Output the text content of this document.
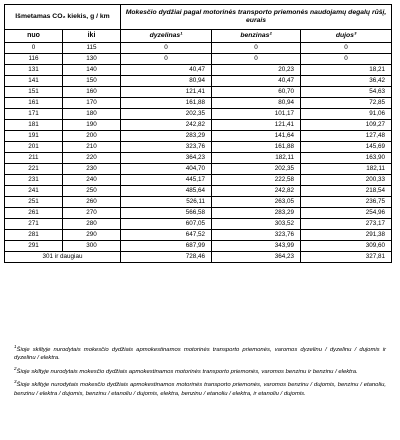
Išmetamas CO₂ kiekis, g / km		Mokesčio dydžiai pagal motorinės transporto priemonės naudojamų degalų rūšį, eurais		
nuo	iki			
		dyzelinas¹	benzinas²	dujos³
0	115	0	0	0
116	130	0	0	0
131	140	40,47	20,23	18,21
141	150	80,94	40,47	36,42
151	160	121,41	60,70	54,63
161	170	161,88	80,94	72,85
171	180	202,35	101,17	91,06
181	190	242,82	121,41	109,27
191	200	283,29	141,64	127,48
201	210	323,76	161,88	145,69
211	220	364,23	182,11	163,90
221	230	404,70	202,35	182,11
231	240	445,17	222,58	200,33
241	250	485,64	242,82	218,54
251	260	526,11	263,05	236,75
261	270	566,58	283,29	254,96
271	280	607,05	303,52	273,17
281	290	647,52	323,76	291,38
291	300	687,99	343,99	309,60
301 ir daugiau		728,46	364,23	327,81

$^1$Šioje skiltyje nurodytais mokesčio dydžiais apmokestinamos motorinės transporto priemonės, varomos dyzelinu / dyzelinu / dujomis ir dyzelinu / elektra.

$^2$Šioje skiltyje nurodytais mokesčio dydžiais apmokestinamos motorinės transporto priemonės, varomos benzinu ir benzinu / elektra.

$^3$Šioje skiltyje nurodytais mokesčio dydžiais apmokestinamos motorinės transporto priemonės, varomos benzinu / dujomis, benzinu / etanoliu, benzinu / elektra / dujomis, benzinu / etanoliu / dujomis, elektra, benzinu / etanoliu / elektra, ir etanoliu / dujomis.
